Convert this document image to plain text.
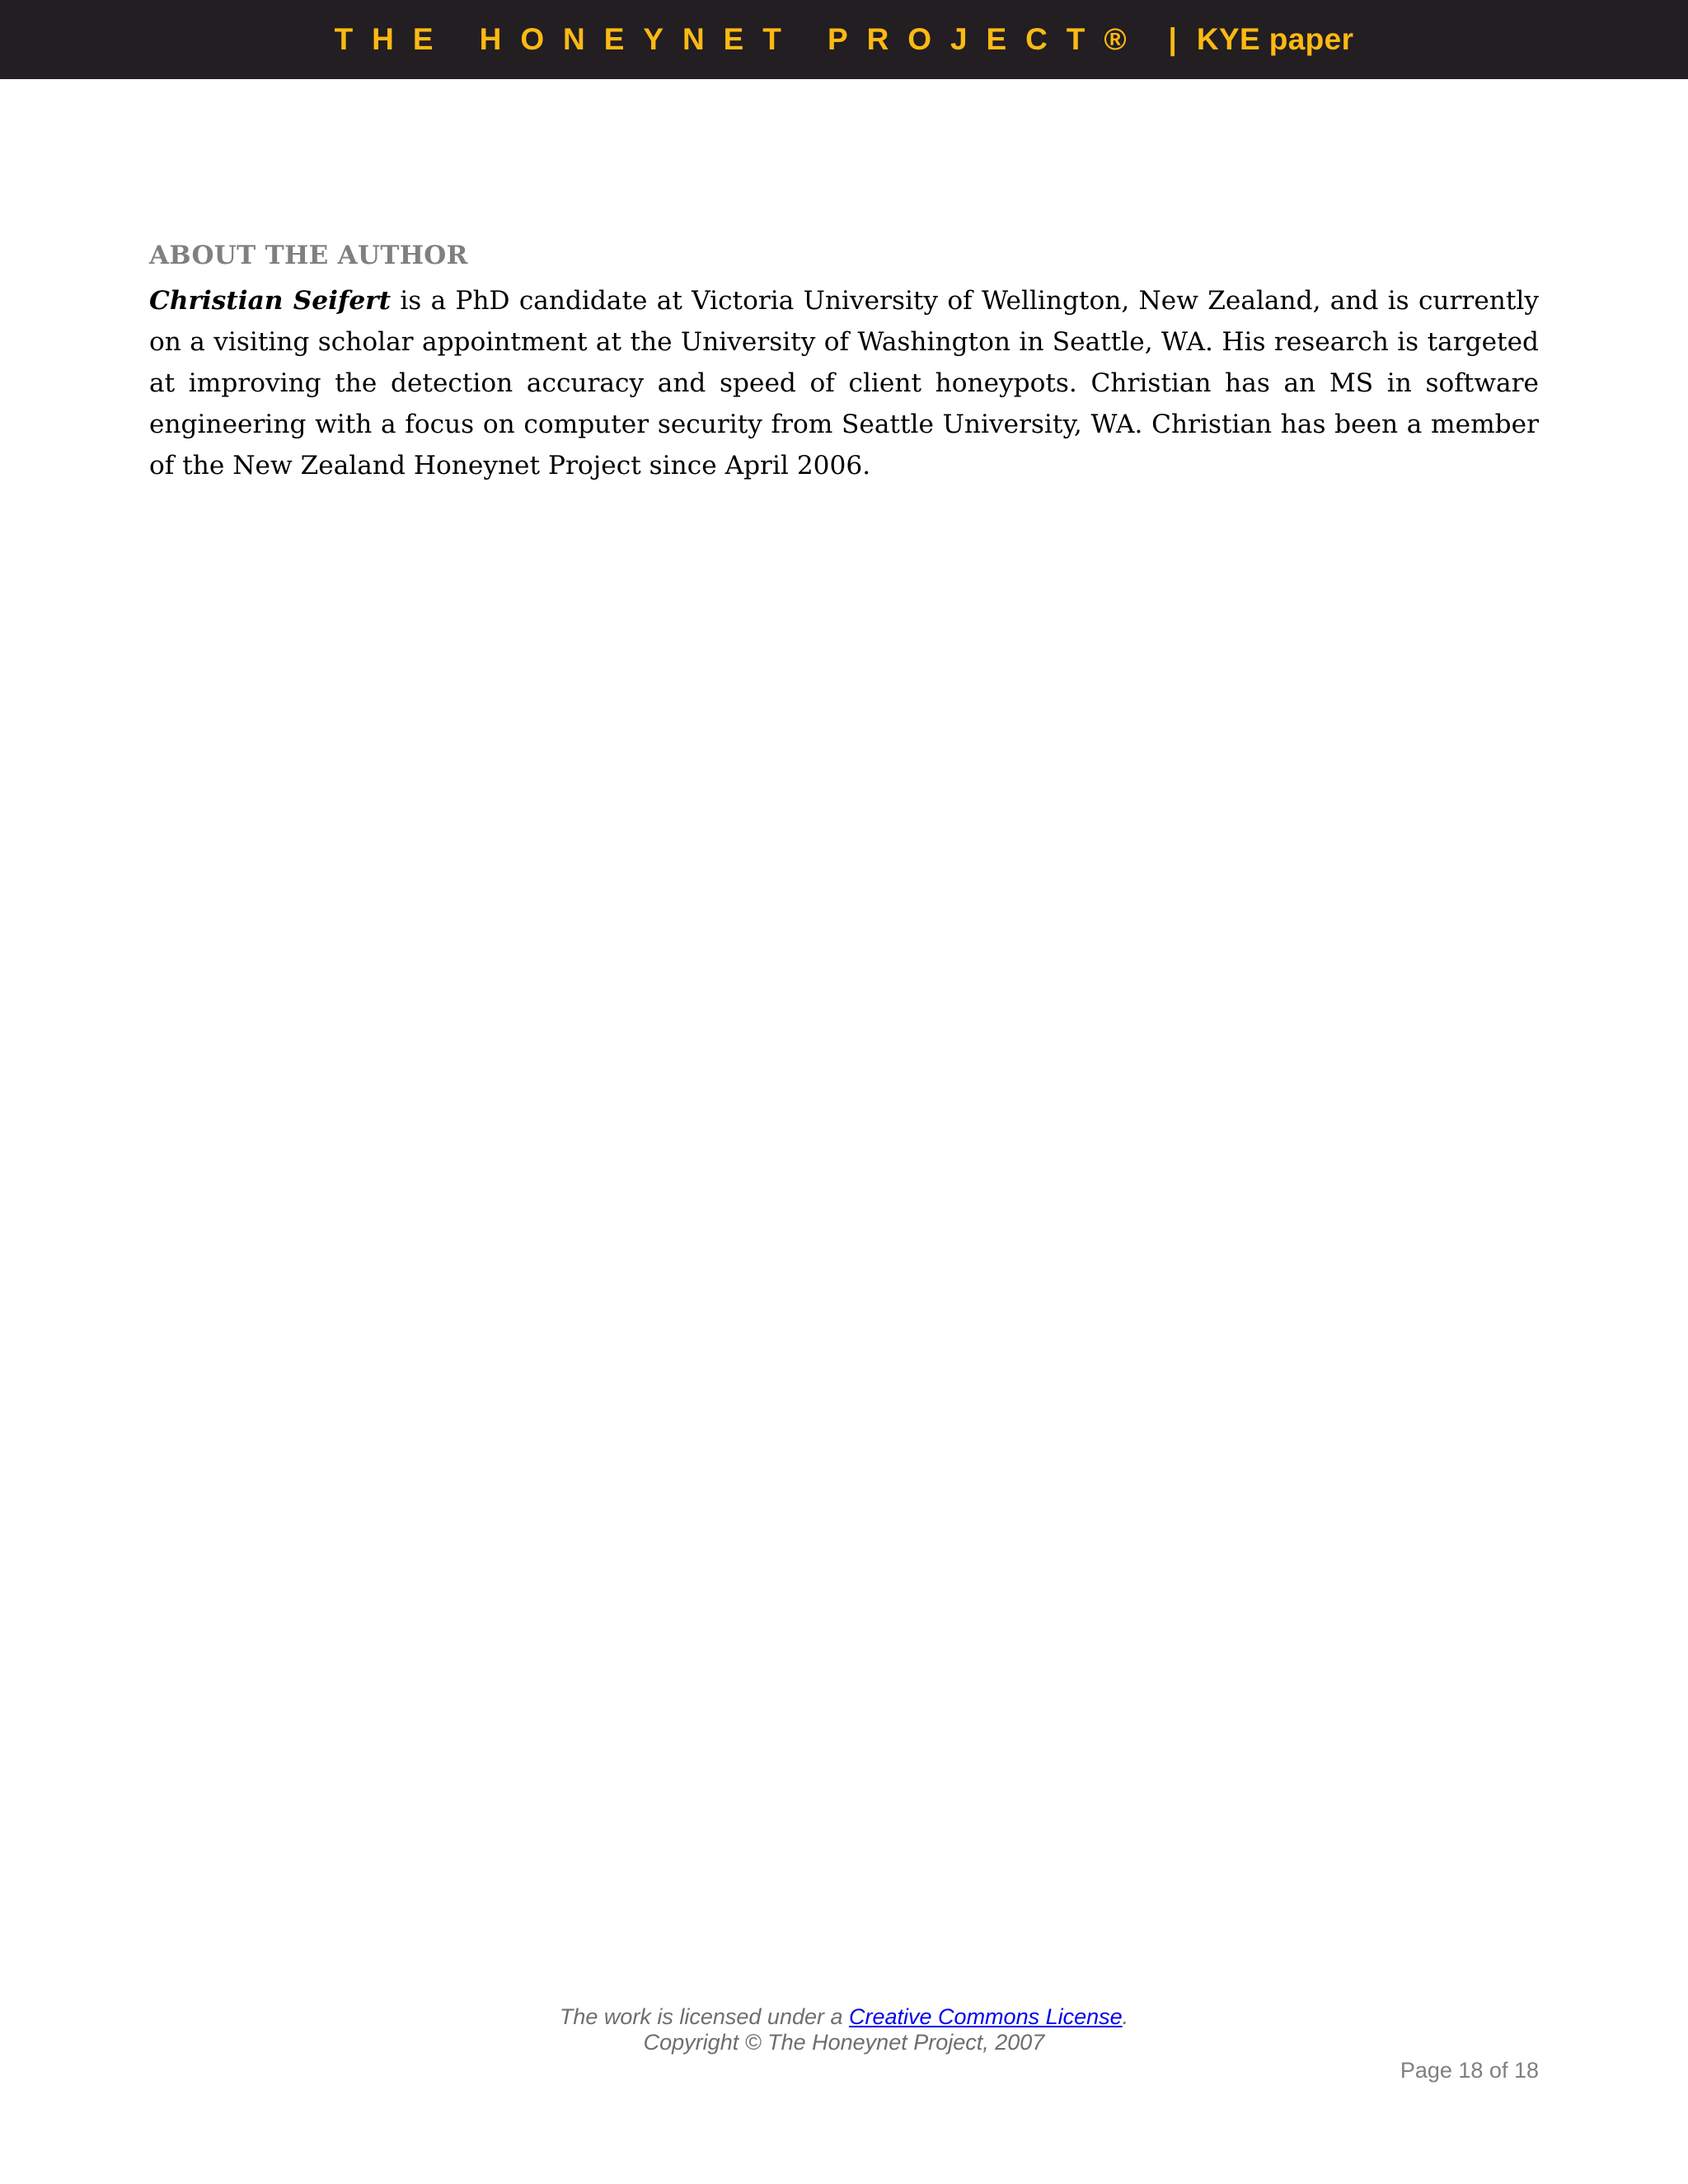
THE HONEYNET PROJECT® | KYE paper
ABOUT THE AUTHOR

Christian Seifert is a PhD candidate at Victoria University of Wellington, New Zealand, and is currently on a visiting scholar appointment at the University of Washington in Seattle, WA. His research is targeted at improving the detection accuracy and speed of client honeypots. Christian has an MS in software engineering with a focus on computer security from Seattle University, WA. Christian has been a member of the New Zealand Honeynet Project since April 2006.

The work is licensed under a Creative Commons License.
Copyright © The Honeynet Project, 2007
Page 18 of 18
